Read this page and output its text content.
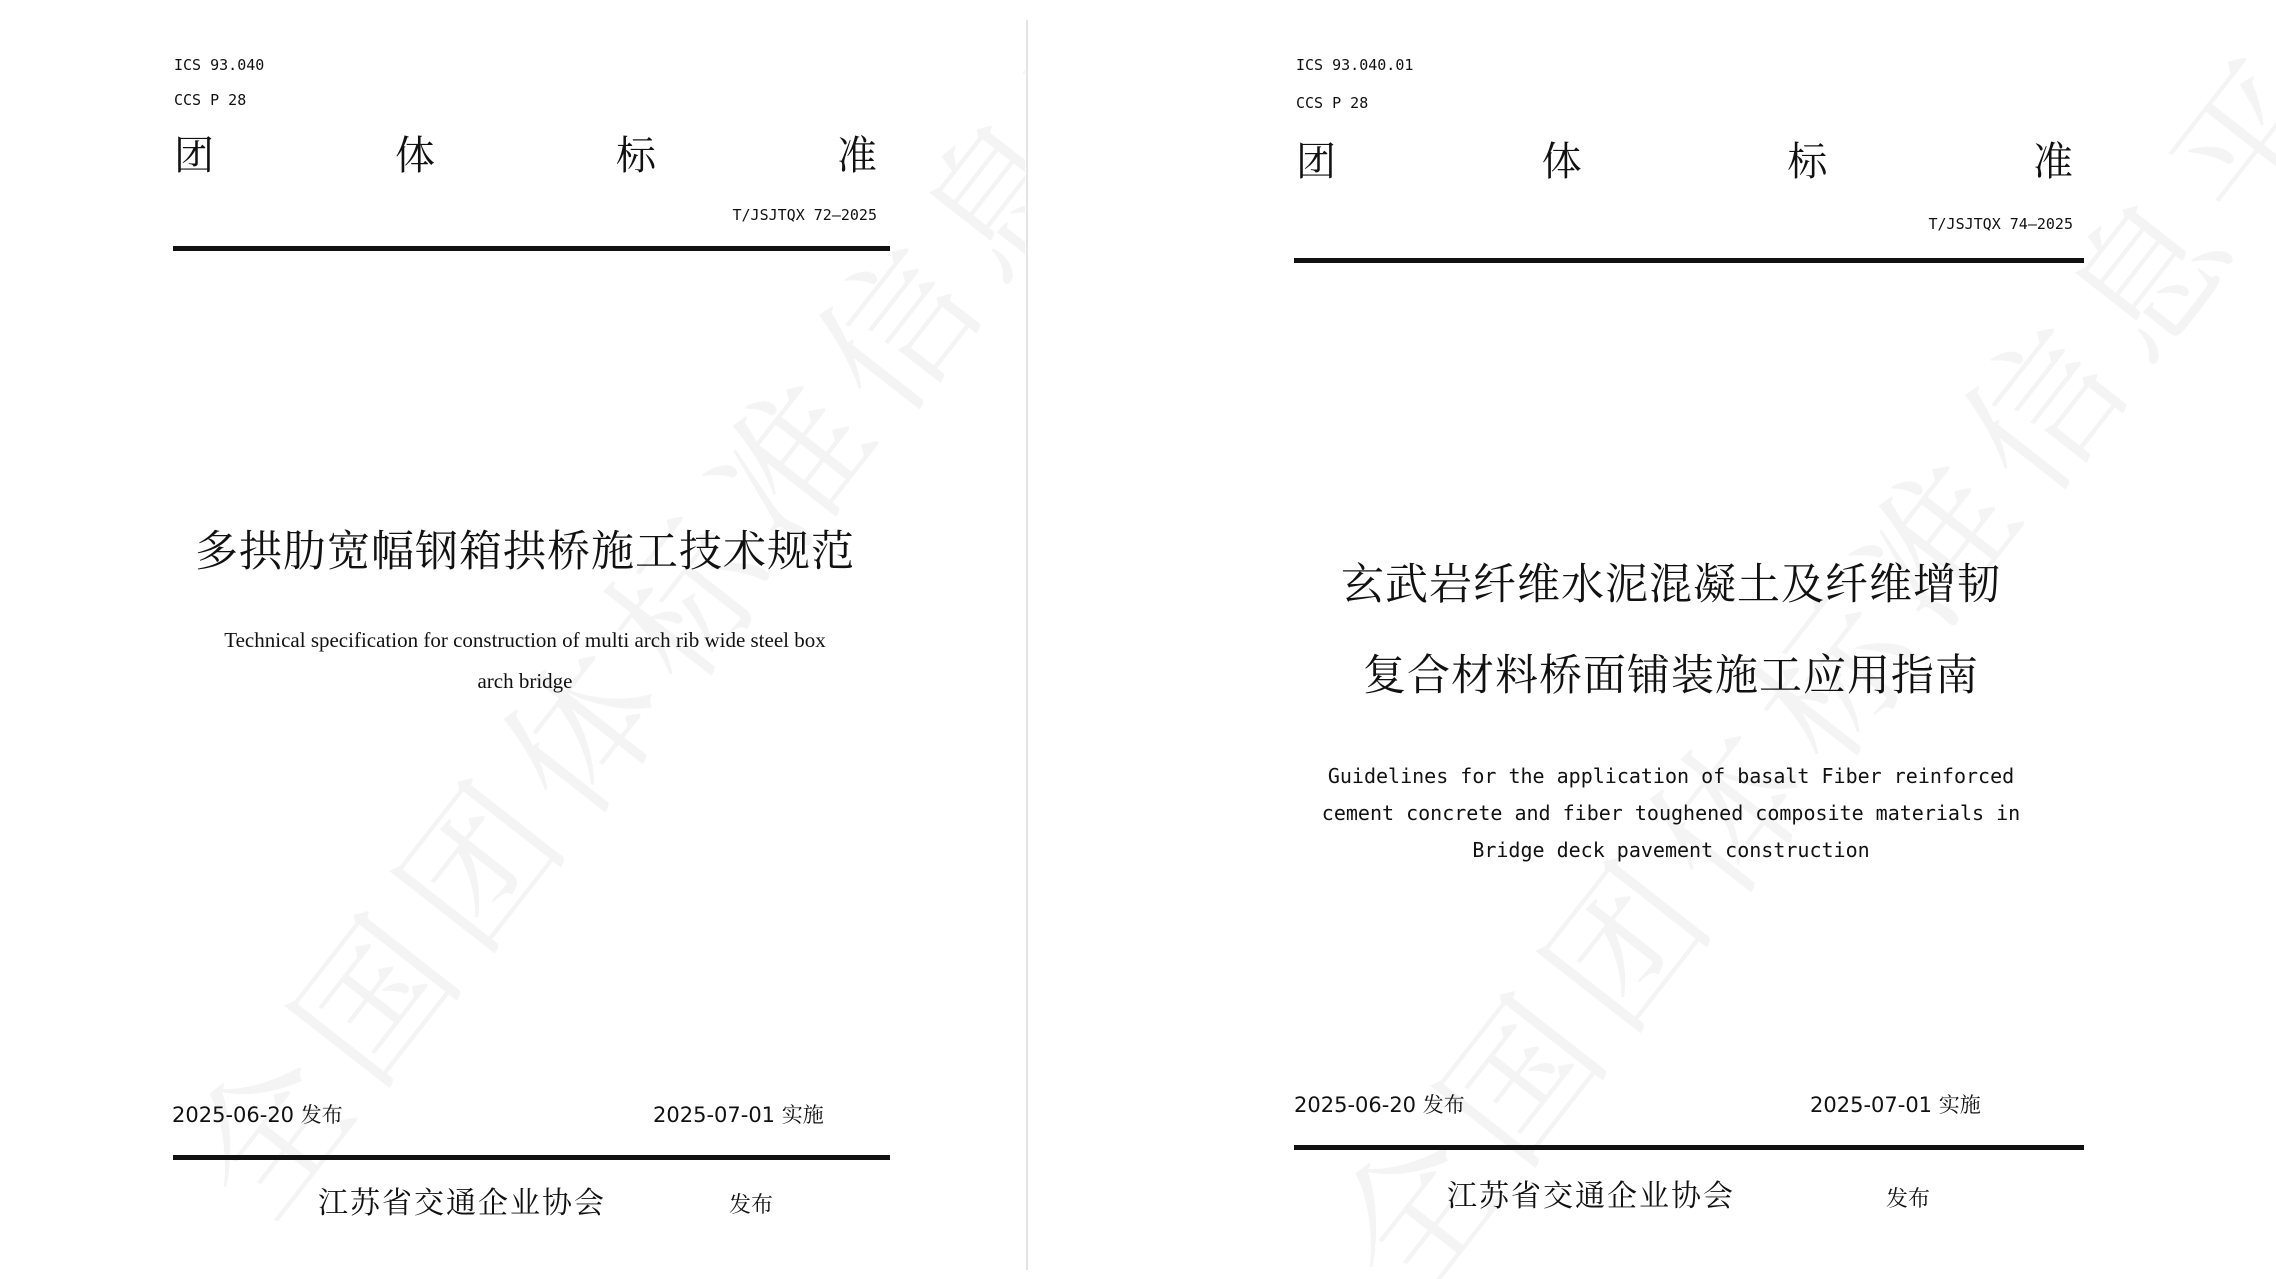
ICS 93.040
CCS P 28
团	体	标	准
T/JSJTQX 72—2025
多拱肋宽幅钢箱拱桥施工技术规范
Technical specification for construction of multi arch rib wide steel box
arch bridge
2025-06-20 发布	2025-07-01 实施
江苏省交通企业协会	发布
ICS 93.040.01
CCS P 28
团	体	标	准
T/JSJTQX 74—2025
玄武岩纤维水泥混凝土及纤维增韧
复合材料桥面铺装施工应用指南
Guidelines for the application of basalt Fiber reinforced
cement concrete and fiber toughened composite materials in
Bridge deck pavement construction
2025-06-20 发布	2025-07-01 实施
江苏省交通企业协会	发布
